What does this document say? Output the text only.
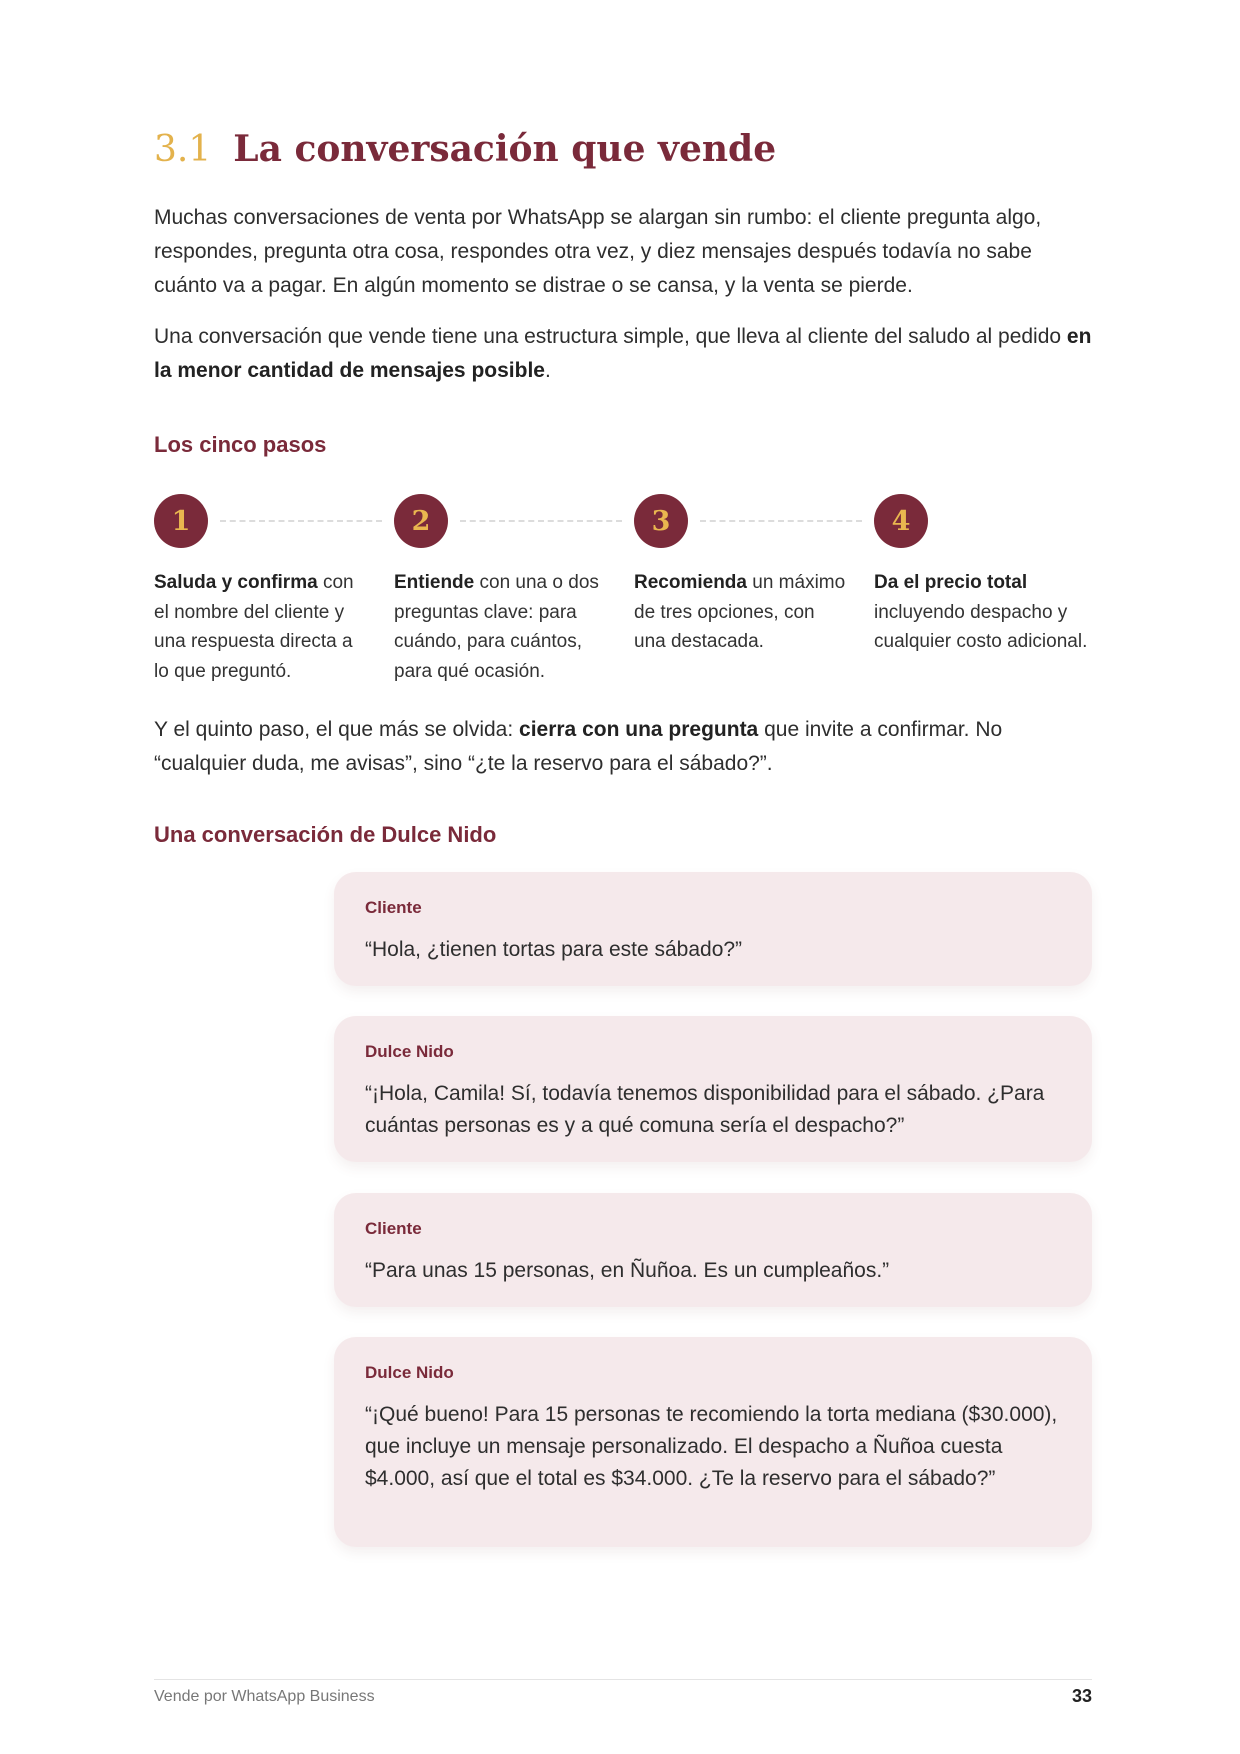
3.1 La conversación que vende

Muchas conversaciones de venta por WhatsApp se alargan sin rumbo: el cliente pregunta algo, respondes, pregunta otra cosa, respondes otra vez, y diez mensajes después todavía no sabe cuánto va a pagar. En algún momento se distrae o se cansa, y la venta se pierde.

Una conversación que vende tiene una estructura simple, que lleva al cliente del saludo al pedido en la menor cantidad de mensajes posible.

Los cinco pasos
1
Saluda y confirma con el nombre del cliente y una respuesta directa a lo que preguntó.
2
Entiende con una o dos preguntas clave: para cuándo, para cuántos, para qué ocasión.
3
Recomienda un máximo de tres opciones, con una destacada.
4
Da el precio total incluyendo despacho y cualquier costo adicional.

Y el quinto paso, el que más se olvida: cierra con una pregunta que invite a confirmar. No “cualquier duda, me avisas”, sino “¿te la reservo para el sábado?”.

Una conversación de Dulce Nido
Cliente
“Hola, ¿tienen tortas para este sábado?”
Dulce Nido
“¡Hola, Camila! Sí, todavía tenemos disponibilidad para el sábado. ¿Para cuántas personas es y a qué comuna sería el despacho?”
Cliente
“Para unas 15 personas, en Ñuñoa. Es un cumpleaños.”
Dulce Nido
“¡Qué bueno! Para 15 personas te recomiendo la torta mediana ($30.000), que incluye un mensaje personalizado. El despacho a Ñuñoa cuesta $4.000, así que el total es $34.000. ¿Te la reservo para el sábado?”
Vende por WhatsApp Business	33
